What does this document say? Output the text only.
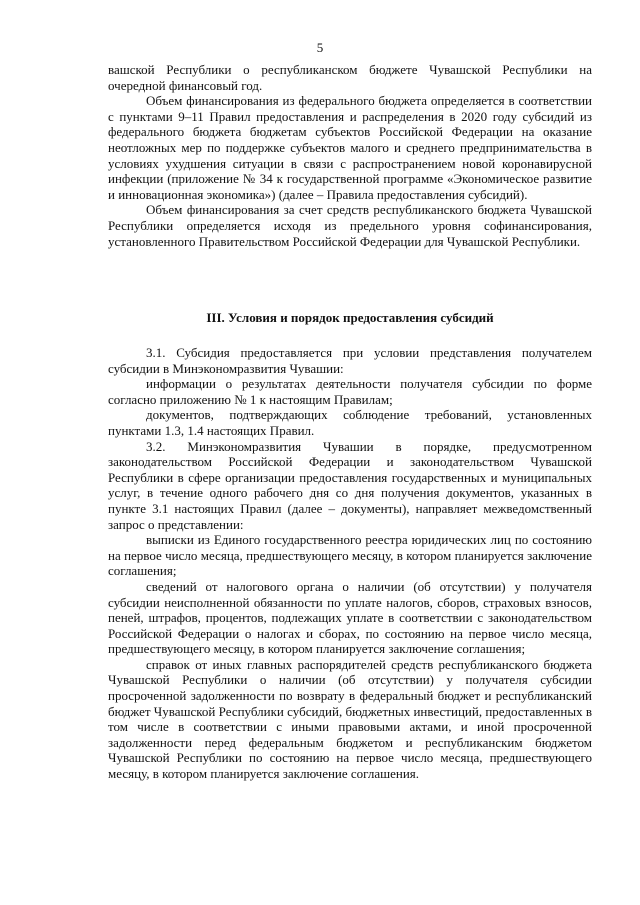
5

вашской Республики о республиканском бюджете Чувашской Республики на очередной финансовый год.

Объем финансирования из федерального бюджета определяется в соответствии с пунктами 9–11 Правил предоставления и распределения в 2020 году субсидий из федерального бюджета бюджетам субъектов Российской Федерации на оказание неотложных мер по поддержке субъектов малого и среднего предпринимательства в условиях ухудшения ситуации в связи с распространением новой коронавирусной инфекции (приложение № 34 к государственной программе «Экономическое развитие и инновационная экономика») (далее – Правила предоставления субсидий).

Объем финансирования за счет средств республиканского бюджета Чувашской Республики определяется исходя из предельного уровня софинансирования, установленного Правительством Российской Федерации для Чувашской Республики.

III. Условия и порядок предоставления субсидий

3.1. Субсидия предоставляется при условии представления получателем субсидии в Минэкономразвития Чувашии:

информации о результатах деятельности получателя субсидии по форме согласно приложению № 1 к настоящим Правилам;

документов, подтверждающих соблюдение требований, установленных пунктами 1.3, 1.4 настоящих Правил.

3.2. Минэкономразвития Чувашии в порядке, предусмотренном законодательством Российской Федерации и законодательством Чувашской Республики в сфере организации предоставления государственных и муниципальных услуг, в течение одного рабочего дня со дня получения документов, указанных в пункте 3.1 настоящих Правил (далее – документы), направляет межведомственный запрос о представлении:

выписки из Единого государственного реестра юридических лиц по состоянию на первое число месяца, предшествующего месяцу, в котором планируется заключение соглашения;

сведений от налогового органа о наличии (об отсутствии) у получателя субсидии неисполненной обязанности по уплате налогов, сборов, страховых взносов, пеней, штрафов, процентов, подлежащих уплате в соответствии с законодательством Российской Федерации о налогах и сборах, по состоянию на первое число месяца, предшествующего месяцу, в котором планируется заключение соглашения;

справок от иных главных распорядителей средств республиканского бюджета Чувашской Республики о наличии (об отсутствии) у получателя субсидии просроченной задолженности по возврату в федеральный бюджет и республиканский бюджет Чувашской Республики субсидий, бюджетных инвестиций, предоставленных в том числе в соответствии с иными правовыми актами, и иной просроченной задолженности перед федеральным бюджетом и республиканским бюджетом Чувашской Республики по состоянию на первое число месяца, предшествующего месяцу, в котором планируется заключение соглашения.
